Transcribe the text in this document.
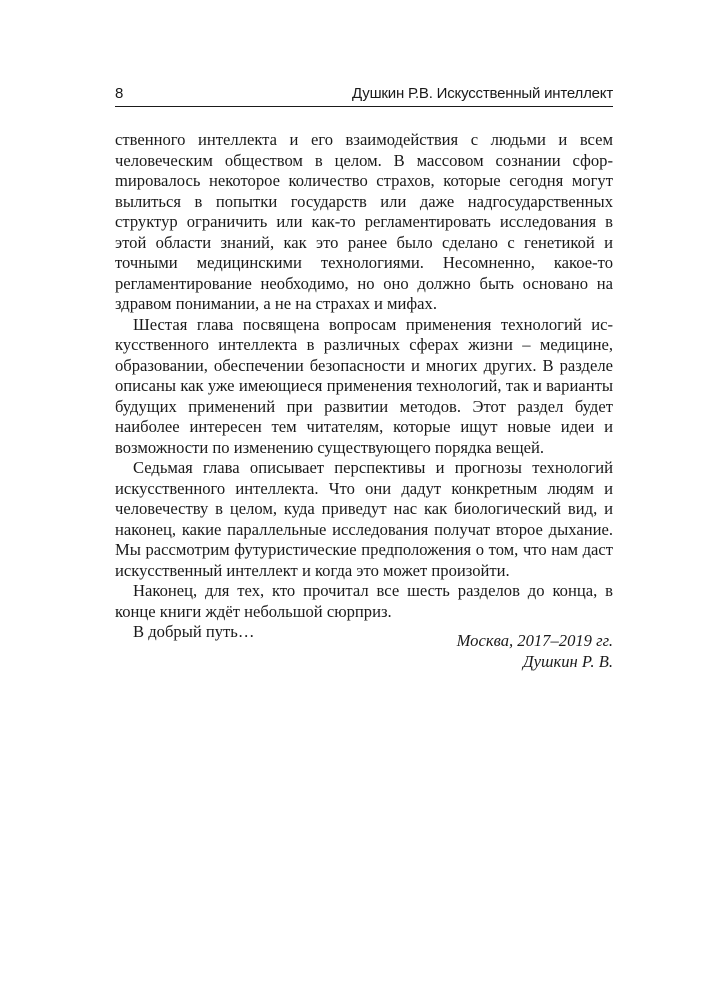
8	Душкин Р.В. Искусственный интеллект

ственного интеллекта и его взаимодействия с людьми и всем человеческим обществом в целом. В массовом сознании сфорmировалось некоторое количество страхов, которые сегодня могут вылиться в попытки государств или даже надгосударственных структур ограничить или как-то регламентировать исследования в этой области знаний, как это ранее было сделано с генетикой и точными медицинскими технологиями. Несомненно, какое-то регламентирование необходимо, но оно должно быть основано на здравом понимании, а не на страхах и мифах.

Шестая глава посвящена вопросам применения технологий искусственного интеллекта в различных сферах жизни – медицине, образовании, обеспечении безопасности и многих других. В разделе описаны как уже имеющиеся применения технологий, так и варианты будущих применений при развитии методов. Этот раздел будет наиболее интересен тем читателям, которые ищут новые идеи и возможности по изменению существующего порядка вещей.

Седьмая глава описывает перспективы и прогнозы технологий искусственного интеллекта. Что они дадут конкретным людям и человечеству в целом, куда приведут нас как биологический вид, и наконец, какие параллельные исследования получат второе дыхание. Мы рассмотрим футуристические предположения о том, что нам даст искусственный интеллект и когда это может произойти.

Наконец, для тех, кто прочитал все шесть разделов до конца, в конце книги ждёт небольшой сюрприз.

В добрый путь…	Москва, 2017–2019 гг.
Душкин Р. В.
